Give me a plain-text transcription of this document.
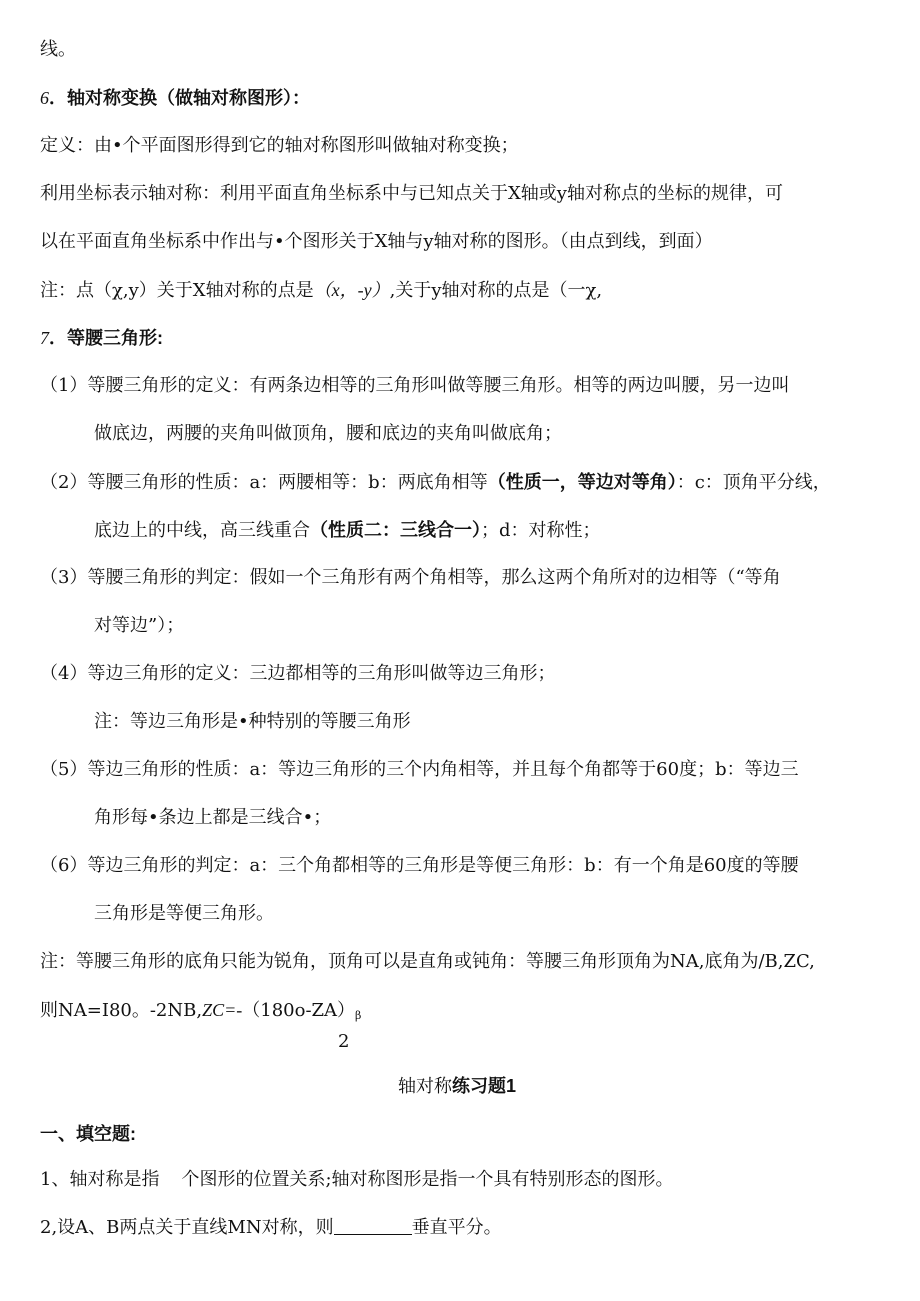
线。
6．轴对称变换（做轴对称图形）：
定义：由•个平面图形得到它的轴对称图形叫做轴对称变换；
利用坐标表示轴对称：利用平面直角坐标系中与已知点关于X轴或y轴对称点的坐标的规律，可
以在平面直角坐标系中作出与•个图形关于X轴与y轴对称的图形。（由点到线，到面）
注：点（χ,y）关于X轴对称的点是（x，-y）,关于y轴对称的点是（一χ,
7．等腰三角形:
（1）等腰三角形的定义：有两条边相等的三角形叫做等腰三角形。相等的两边叫腰，另一边叫
做底边，两腰的夹角叫做顶角，腰和底边的夹角叫做底角；
（2）等腰三角形的性质：a：两腰相等：b：两底角相等（性质一，等边对等角）：c：顶角平分线，
底边上的中线，高三线重合（性质二：三线合一）；d：对称性；
（3）等腰三角形的判定：假如一个三角形有两个角相等，那么这两个角所对的边相等（“等角
对等边”）；
（4）等边三角形的定义：三边都相等的三角形叫做等边三角形；
注：等边三角形是•种特别的等腰三角形
（5）等边三角形的性质：a：等边三角形的三个内角相等，并且每个角都等于60度；b：等边三
角形每•条边上都是三线合•；
（6）等边三角形的判定：a：三个角都相等的三角形是等便三角形：b：有一个角是60度的等腰
三角形是等便三角形。
注：等腰三角形的底角只能为锐角，顶角可以是直角或钝角：等腰三角形顶角为NA,底角为/B,ZC,
则NA=I80。-2NB,ZC=-（180o-ZA）β
2
轴对称练习题1
一、填空题:
1、轴对称是指 个图形的位置关系;轴对称图形是指一个具有特别形态的图形。
2,设A、B两点关于直线MN对称，则	垂直平分。
